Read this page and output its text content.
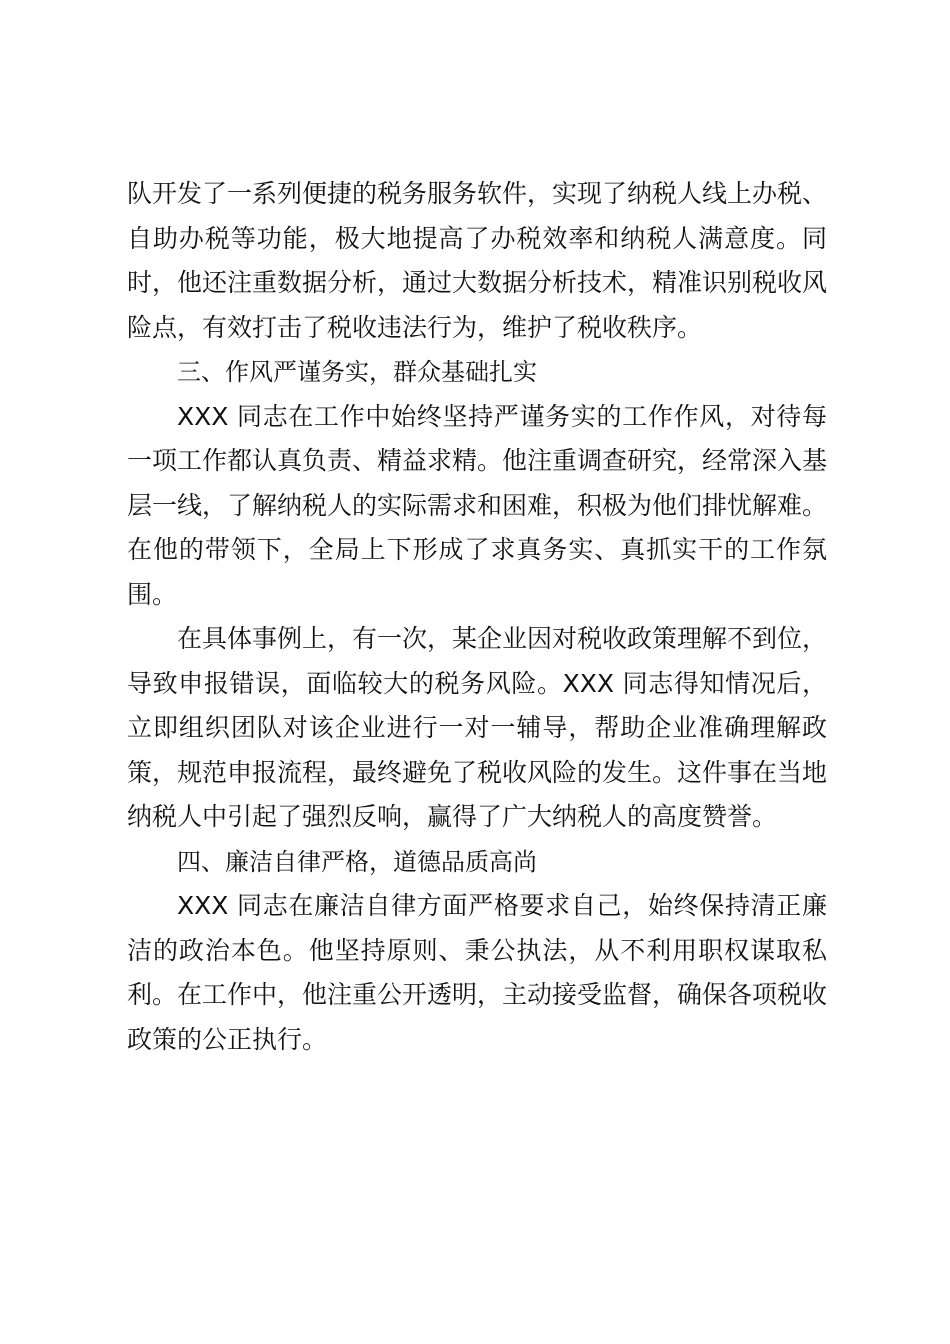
队开发了一系列便捷的税务服务软件，实现了纳税人线上办税、自助办税等功能，极大地提高了办税效率和纳税人满意度。同时，他还注重数据分析，通过大数据分析技术，精准识别税收风险点，有效打击了税收违法行为，维护了税收秩序。

三、作风严谨务实，群众基础扎实

XXX 同志在工作中始终坚持严谨务实的工作作风，对待每一项工作都认真负责、精益求精。他注重调查研究，经常深入基层一线，了解纳税人的实际需求和困难，积极为他们排忧解难。在他的带领下，全局上下形成了求真务实、真抓实干的工作氛围。

在具体事例上，有一次，某企业因对税收政策理解不到位，导致申报错误，面临较大的税务风险。XXX 同志得知情况后，立即组织团队对该企业进行一对一辅导，帮助企业准确理解政策，规范申报流程，最终避免了税收风险的发生。这件事在当地纳税人中引起了强烈反响，赢得了广大纳税人的高度赞誉。

四、廉洁自律严格，道德品质高尚

XXX 同志在廉洁自律方面严格要求自己，始终保持清正廉洁的政治本色。他坚持原则、秉公执法，从不利用职权谋取私利。在工作中，他注重公开透明，主动接受监督，确保各项税收政策的公正执行。
